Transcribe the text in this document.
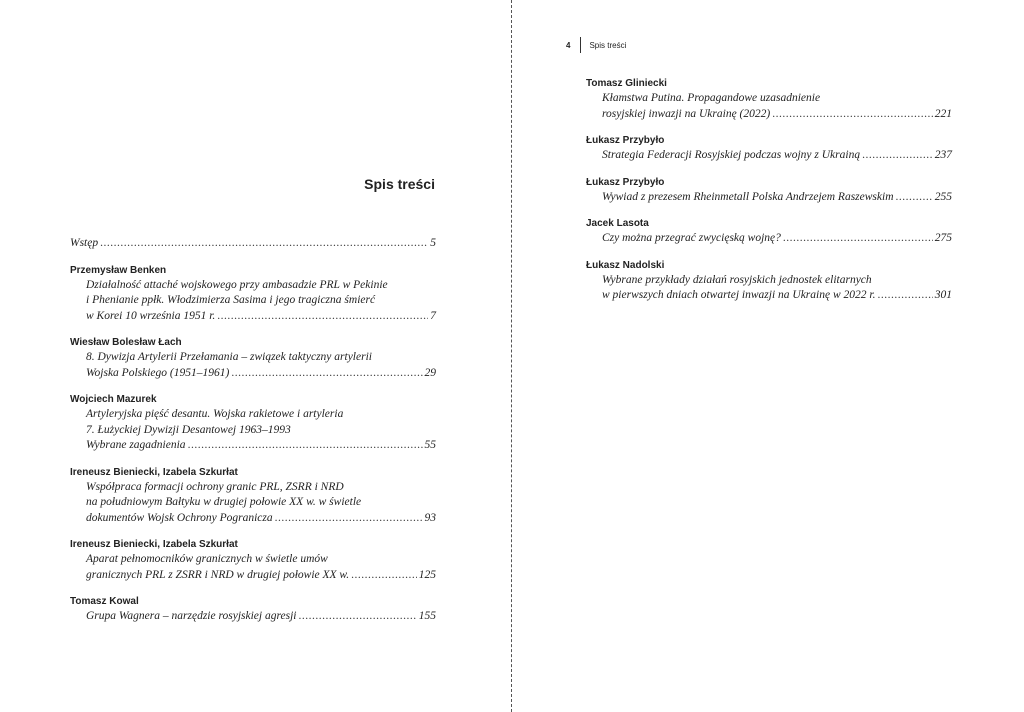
Spis treści
Wstęp .....	5
Przemysław Benken
Działalność attaché wojskowego przy ambasadzie PRL w Pekinie
i Phenianie ppłk. Włodzimierza Sasima i jego tragiczna śmierć
w Korei 10 września 1951 r. .....	7
Wiesław Bolesław Łach
8. Dywizja Artylerii Przełamania – związek taktyczny artylerii
Wojska Polskiego (1951–1961) .....	29
Wojciech Mazurek
Artyleryjska pięść desantu. Wojska rakietowe i artyleria
7. Łużyckiej Dywizji Desantowej 1963–1993
Wybrane zagadnienia .....	55
Ireneusz Bieniecki, Izabela Szkurłat
Współpraca formacji ochrony granic PRL, ZSRR i NRD
na południowym Bałtyku w drugiej połowie XX w. w świetle
dokumentów Wojsk Ochrony Pogranicza .....	93
Ireneusz Bieniecki, Izabela Szkurłat
Aparat pełnomocników granicznych w świetle umów
granicznych PRL z ZSRR i NRD w drugiej połowie XX w. .....	125
Tomasz Kowal
Grupa Wagnera – narzędzie rosyjskiej agresji .....	155
4 Spis treści
Tomasz Gliniecki
Kłamstwa Putina. Propagandowe uzasadnienie
rosyjskiej inwazji na Ukrainę (2022) .....	221
Łukasz Przybyło
Strategia Federacji Rosyjskiej podczas wojny z Ukrainą .....	237
Łukasz Przybyło
Wywiad z prezesem Rheinmetall Polska Andrzejem Raszewskim .....	255
Jacek Lasota
Czy można przegrać zwycięską wojnę? .....	275
Łukasz Nadolski
Wybrane przykłady działań rosyjskich jednostek elitarnych
w pierwszych dniach otwartej inwazji na Ukrainę w 2022 r. .....	301
